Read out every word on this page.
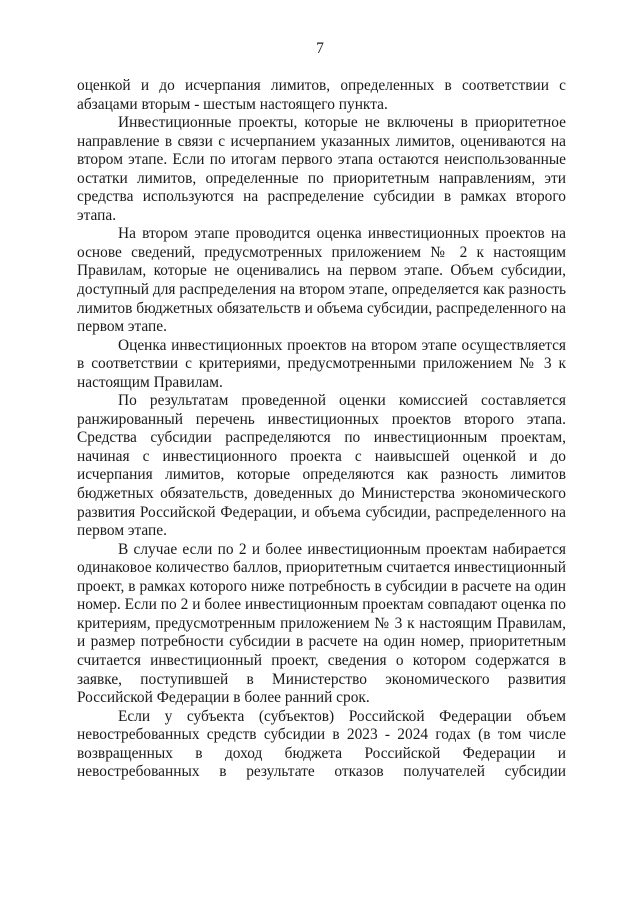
7

оценкой и до исчерпания лимитов, определенных в соответствии с абзацами вторым - шестым настоящего пункта.

Инвестиционные проекты, которые не включены в приоритетное направление в связи с исчерпанием указанных лимитов, оцениваются на втором этапе. Если по итогам первого этапа остаются неиспользованные остатки лимитов, определенные по приоритетным направлениям, эти средства используются на распределение субсидии в рамках второго этапа.

На втором этапе проводится оценка инвестиционных проектов на основе сведений, предусмотренных приложением № 2 к настоящим Правилам, которые не оценивались на первом этапе. Объем субсидии, доступный для распределения на втором этапе, определяется как разность лимитов бюджетных обязательств и объема субсидии, распределенного на первом этапе.

Оценка инвестиционных проектов на втором этапе осуществляется в соответствии с критериями, предусмотренными приложением № 3 к настоящим Правилам.

По результатам проведенной оценки комиссией составляется ранжированный перечень инвестиционных проектов второго этапа. Средства субсидии распределяются по инвестиционным проектам, начиная с инвестиционного проекта с наивысшей оценкой и до исчерпания лимитов, которые определяются как разность лимитов бюджетных обязательств, доведенных до Министерства экономического развития Российской Федерации, и объема субсидии, распределенного на первом этапе.

В случае если по 2 и более инвестиционным проектам набирается одинаковое количество баллов, приоритетным считается инвестиционный проект, в рамках которого ниже потребность в субсидии в расчете на один номер. Если по 2 и более инвестиционным проектам совпадают оценка по критериям, предусмотренным приложением № 3 к настоящим Правилам, и размер потребности субсидии в расчете на один номер, приоритетным считается инвестиционный проект, сведения о котором содержатся в заявке, поступившей в Министерство экономического развития Российской Федерации в более ранний срок.

Если у субъекта (субъектов) Российской Федерации объем невостребованных средств субсидии в 2023 - 2024 годах (в том числе возвращенных в доход бюджета Российской Федерации и невостребованных в результате отказов получателей субсидии
